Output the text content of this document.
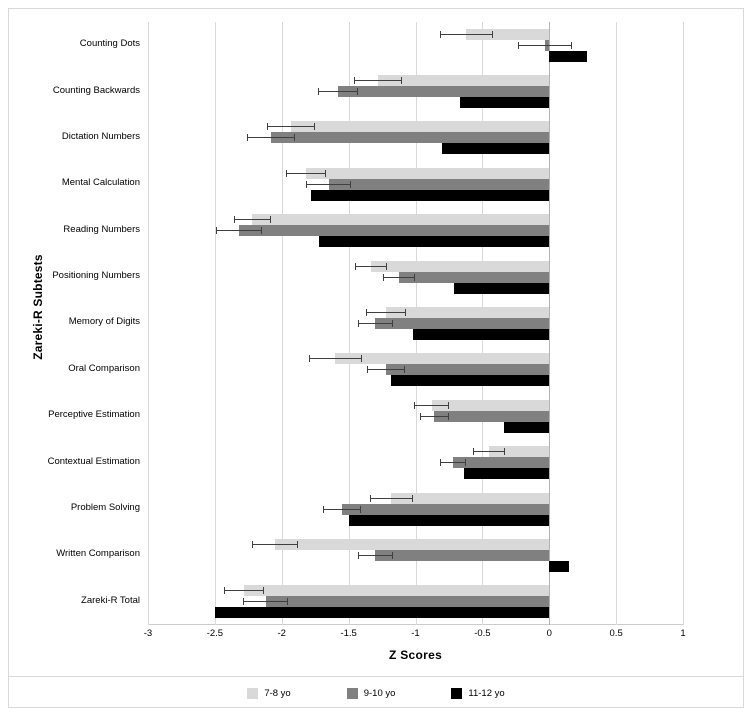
Zareki-R Subtests
-3	-2.5	-2	-1.5	-1	-0.5	0	0.5	1
Z Scores
Counting Dots
Counting Backwards
Dictation Numbers
Mental Calculation
Reading Numbers
Positioning Numbers
Memory of Digits
Oral Comparison
Perceptive Estimation
Contextual Estimation
Problem Solving
Written Comparison
Zareki-R Total
7-8 yo	9-10 yo	11-12 yo
